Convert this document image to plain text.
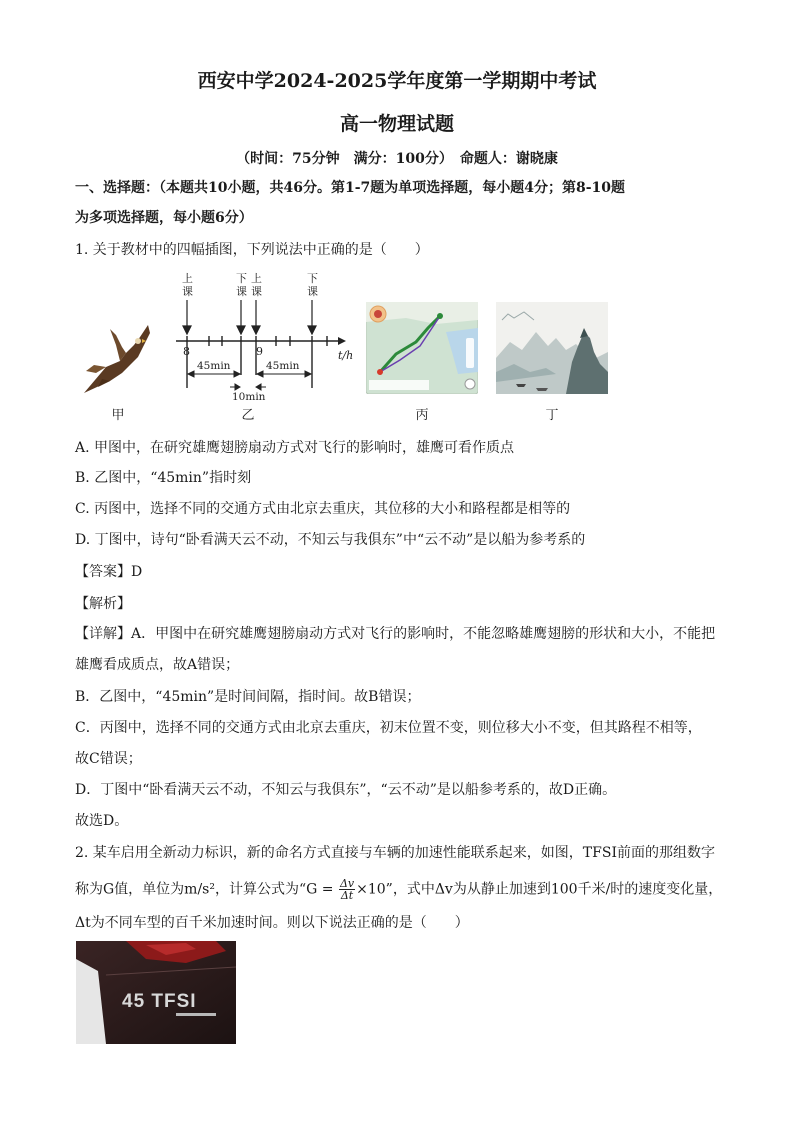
西安中学2024-2025学年度第一学期期中考试
高一物理试题
（时间：75分钟　满分：100分）　命题人：谢晓康
一、选择题：（本题共10小题，共46分。第1-7题为单项选择题，每小题4分；第8-10题
为多项选择题，每小题6分）
1. 关于教材中的四幅插图，下列说法中正确的是（　　）
上
课
下
课
上
课
下
课
8	9	t/h
45min	45min
10min
甲	乙	丙	丁
A. 甲图中，在研究雄鹰翅膀扇动方式对飞行的影响时，雄鹰可看作质点
B. 乙图中，“45min”指时刻
C. 丙图中，选择不同的交通方式由北京去重庆，其位移的大小和路程都是相等的
D. 丁图中，诗句“卧看满天云不动，不知云与我俱东”中“云不动”是以船为参考系的
【答案】D
【解析】
【详解】A．甲图中在研究雄鹰翅膀扇动方式对飞行的影响时，不能忽略雄鹰翅膀的形状和大小，不能把
雄鹰看成质点，故A错误；
B．乙图中，“45min”是时间间隔，指时间。故B错误；
C．丙图中，选择不同的交通方式由北京去重庆，初末位置不变，则位移大小不变，但其路程不相等，
故C错误；
D．丁图中“卧看满天云不动，不知云与我俱东”，“云不动”是以船参考系的，故D正确。
故选D。
2. 某车启用全新动力标识，新的命名方式直接与车辆的加速性能联系起来，如图，TFSI前面的那组数字
称为G值，单位为m/s²，计算公式为“$G = \frac{\Delta v}{\Delta t} \times 10$”，式中Δv为从静止加速到100千米/时的速度变化量，
Δt为不同车型的百千米加速时间。则以下说法正确的是（　　）
45 TFSI
